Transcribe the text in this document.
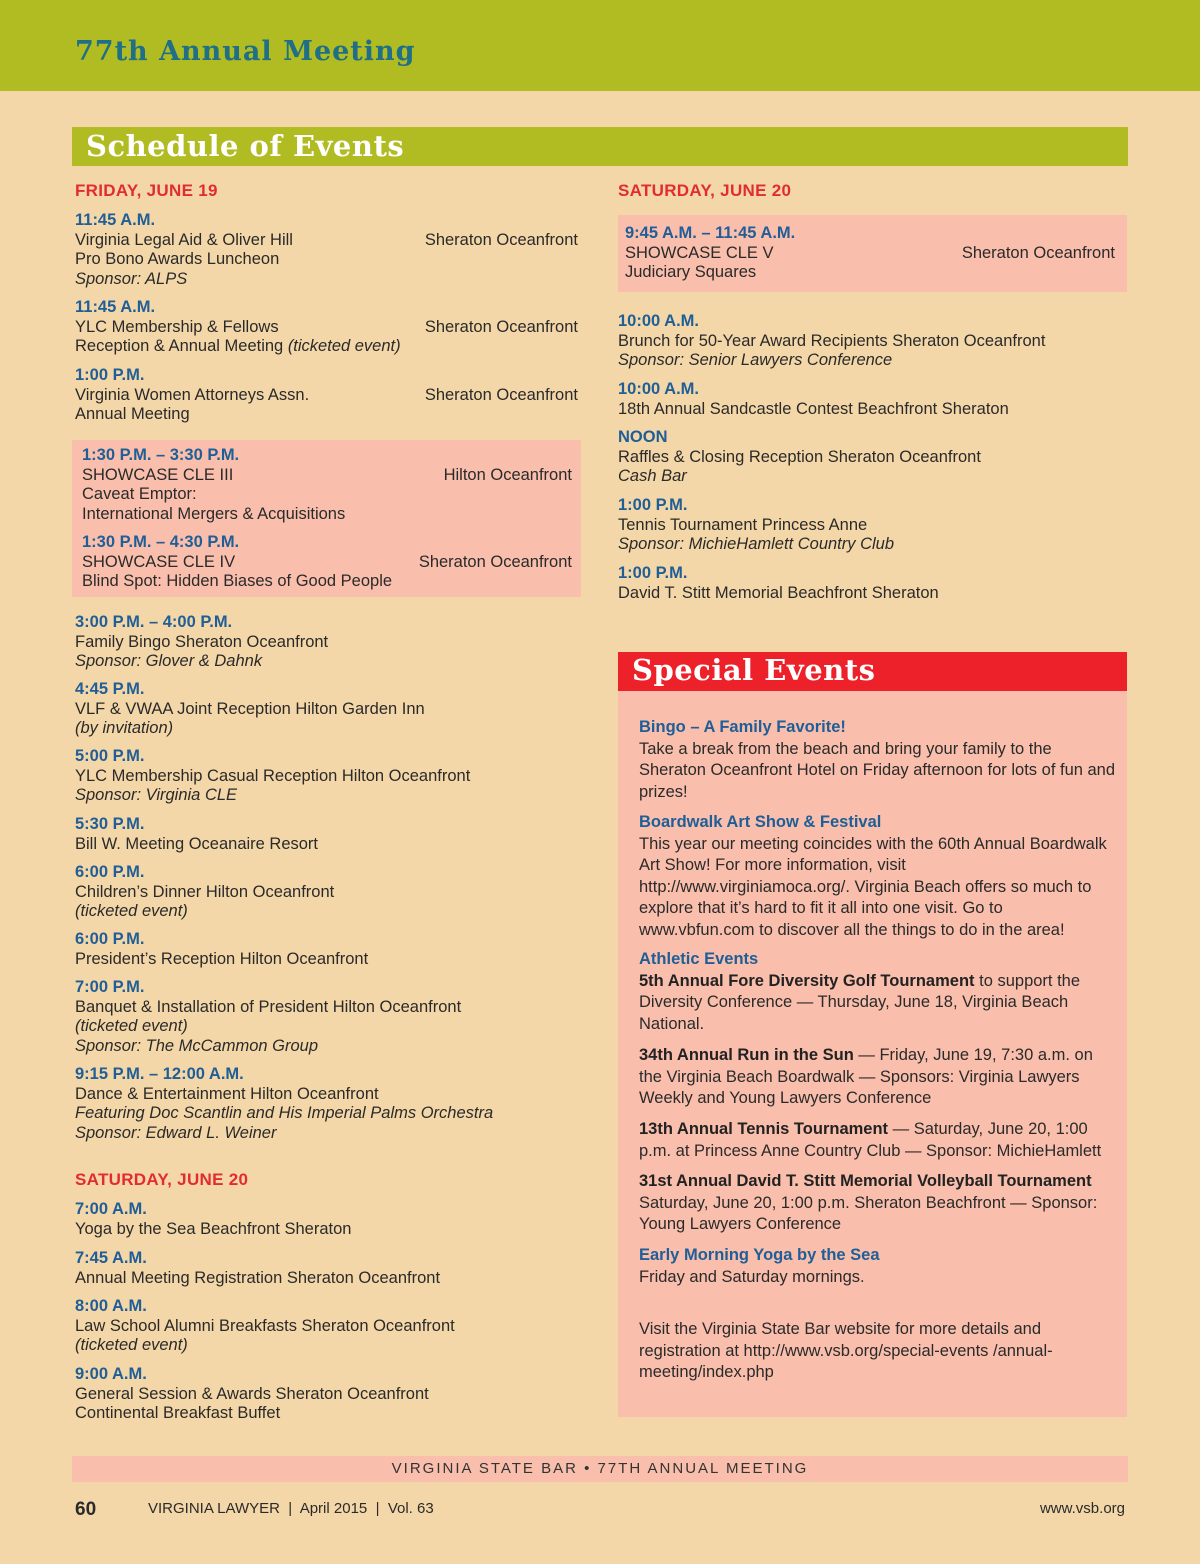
77th Annual Meeting
Schedule of Events
FRIDAY, JUNE 19
11:45 A.M.
Virginia Legal Aid & Oliver Hill	Sheraton Oceanfront
Pro Bono Awards Luncheon
Sponsor: ALPS
11:45 A.M.
YLC Membership & Fellows	Sheraton Oceanfront
Reception & Annual Meeting (ticketed event)
1:00 P.M.
Virginia Women Attorneys Assn.	Sheraton Oceanfront
Annual Meeting
1:30 P.M. – 3:30 P.M.
SHOWCASE CLE III	Hilton Oceanfront
Caveat Emptor:
International Mergers & Acquisitions
1:30 P.M. – 4:30 P.M.
SHOWCASE CLE IV	Sheraton Oceanfront
Blind Spot: Hidden Biases of Good People
3:00 P.M. – 4:00 P.M.
Family Bingo Sheraton Oceanfront
Sponsor: Glover & Dahnk
4:45 P.M.
VLF & VWAA Joint Reception Hilton Garden Inn
(by invitation)
5:00 P.M.
YLC Membership Casual Reception Hilton Oceanfront
Sponsor: Virginia CLE
5:30 P.M.
Bill W. Meeting Oceanaire Resort
6:00 P.M.
Children’s Dinner Hilton Oceanfront
(ticketed event)
6:00 P.M.
President’s Reception Hilton Oceanfront
7:00 P.M.
Banquet & Installation of President Hilton Oceanfront
(ticketed event)
Sponsor: The McCammon Group
9:15 P.M. – 12:00 A.M.
Dance & Entertainment Hilton Oceanfront
Featuring Doc Scantlin and His Imperial Palms Orchestra
Sponsor: Edward L. Weiner
SATURDAY, JUNE 20
7:00 A.M.
Yoga by the Sea Beachfront Sheraton
7:45 A.M.
Annual Meeting Registration Sheraton Oceanfront
8:00 A.M.
Law School Alumni Breakfasts Sheraton Oceanfront
(ticketed event)
9:00 A.M.
General Session & Awards Sheraton Oceanfront
Continental Breakfast Buffet
SATURDAY, JUNE 20
9:45 A.M. – 11:45 A.M.
SHOWCASE CLE V	Sheraton Oceanfront
Judiciary Squares
10:00 A.M.
Brunch for 50-Year Award Recipients Sheraton Oceanfront
Sponsor: Senior Lawyers Conference
10:00 A.M.
18th Annual Sandcastle Contest Beachfront Sheraton
NOON
Raffles & Closing Reception Sheraton Oceanfront
Cash Bar
1:00 P.M.
Tennis Tournament Princess Anne
Sponsor: MichieHamlett Country Club
1:00 P.M.
David T. Stitt Memorial Beachfront Sheraton
Special Events
Bingo – A Family Favorite!
Take a break from the beach and bring your family to the Sheraton Oceanfront Hotel on Friday afternoon for lots of fun and prizes!
Boardwalk Art Show & Festival
This year our meeting coincides with the 60th Annual Boardwalk Art Show! For more information, visit http://www.virginiamoca.org/. Virginia Beach offers so much to explore that it’s hard to fit it all into one visit. Go to www.vbfun.com to discover all the things to do in the area!
Athletic Events
5th Annual Fore Diversity Golf Tournament to support the Diversity Conference — Thursday, June 18, Virginia Beach National.
34th Annual Run in the Sun — Friday, June 19, 7:30 a.m. on the Virginia Beach Boardwalk — Sponsors: Virginia Lawyers Weekly and Young Lawyers Conference
13th Annual Tennis Tournament — Saturday, June 20, 1:00 p.m. at Princess Anne Country Club — Sponsor: MichieHamlett
31st Annual David T. Stitt Memorial Volleyball Tournament
Saturday, June 20, 1:00 p.m. Sheraton Beachfront — Sponsor: Young Lawyers Conference
Early Morning Yoga by the Sea
Friday and Saturday mornings.
Visit the Virginia State Bar website for more details and registration at http://www.vsb.org/special-events /annual-meeting/index.php
VIRGINIA STATE BAR • 77TH ANNUAL MEETING
60	VIRGINIA LAWYER  |  April 2015  |  Vol. 63	www.vsb.org
